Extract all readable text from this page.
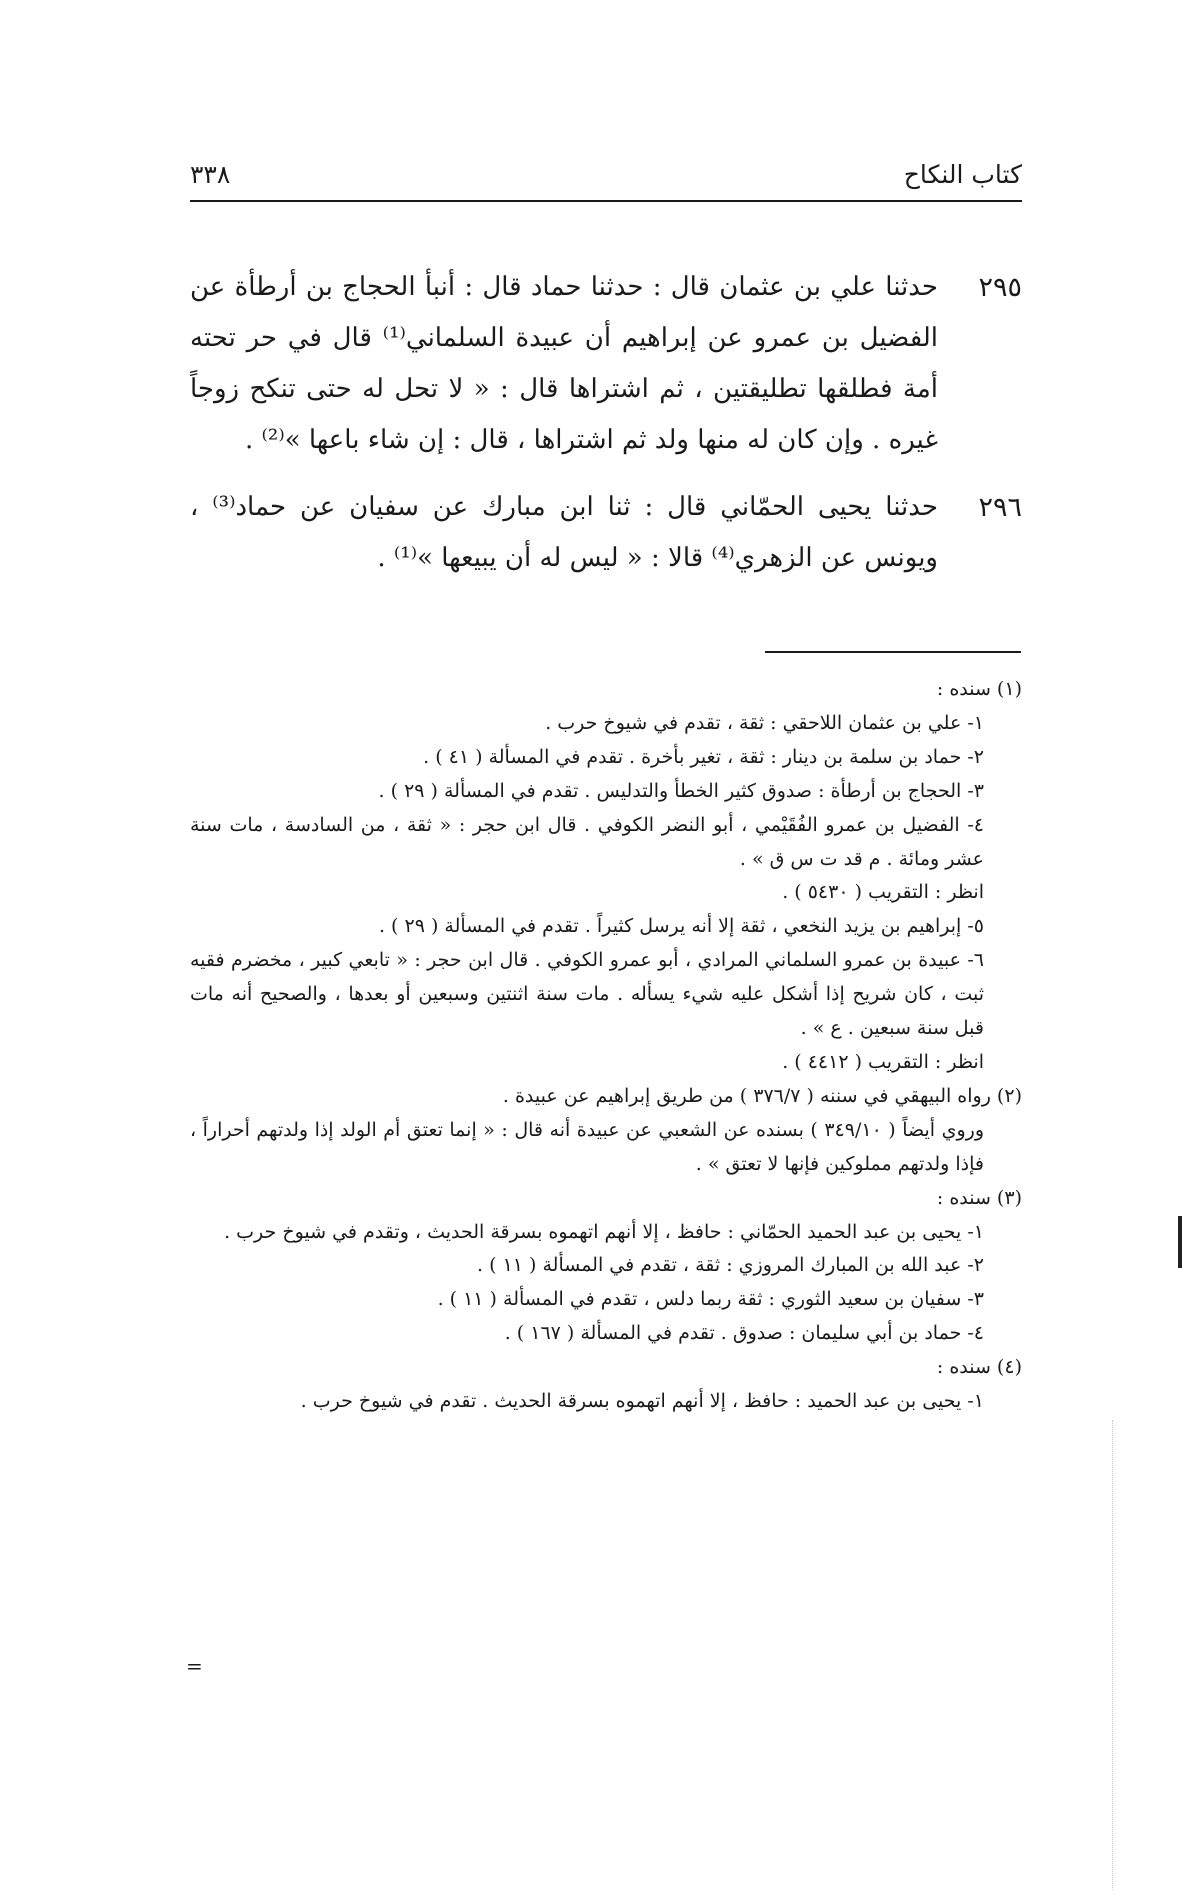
كتاب النكاح
٣٣٨
٢٩٥
حدثنا علي بن عثمان قال : حدثنا حماد قال : أنبأ الحجاج بن أرطأة عن الفضيل بن عمرو عن إبراهيم أن عبيدة السلماني⁽¹⁾ قال في حر تحته أمة فطلقها تطليقتين ، ثم اشتراها قال : « لا تحل له حتى تنكح زوجاً غيره . وإن كان له منها ولد ثم اشتراها ، قال : إن شاء باعها »⁽²⁾ .
٢٩٦
حدثنا يحيى الحمّاني قال : ثنا ابن مبارك عن سفيان عن حماد⁽³⁾ ، ويونس عن الزهري⁽⁴⁾ قالا : « ليس له أن يبيعها »⁽¹⁾ .

(١) سنده :

١- علي بن عثمان اللاحقي : ثقة ، تقدم في شيوخ حرب .

٢- حماد بن سلمة بن دينار : ثقة ، تغير بأخرة . تقدم في المسألة ( ٤١ ) .

٣- الحجاج بن أرطأة : صدوق كثير الخطأ والتدليس . تقدم في المسألة ( ٢٩ ) .

٤- الفضيل بن عمرو الفُقَيْمي ، أبو النضر الكوفي . قال ابن حجر : « ثقة ، من السادسة ، مات سنة عشر ومائة . م قد ت س ق » .

انظر : التقريب ( ٥٤٣٠ ) .

٥- إبراهيم بن يزيد النخعي ، ثقة إلا أنه يرسل كثيراً . تقدم في المسألة ( ٢٩ ) .

٦- عبيدة بن عمرو السلماني المرادي ، أبو عمرو الكوفي . قال ابن حجر : « تابعي كبير ، مخضرم فقيه ثبت ، كان شريح إذا أشكل عليه شيء يسأله . مات سنة اثنتين وسبعين أو بعدها ، والصحيح أنه مات قبل سنة سبعين . ع » .

انظر : التقريب ( ٤٤١٢ ) .

(٢) رواه البيهقي في سننه ( ٣٧٦/٧ ) من طريق إبراهيم عن عبيدة .

وروي أيضاً ( ٣٤٩/١٠ ) بسنده عن الشعبي عن عبيدة أنه قال : « إنما تعتق أم الولد إذا ولدتهم أحراراً ، فإذا ولدتهم مملوكين فإنها لا تعتق » .

(٣) سنده :

١- يحيى بن عبد الحميد الحمّاني : حافظ ، إلا أنهم اتهموه بسرقة الحديث ، وتقدم في شيوخ حرب .

٢- عبد الله بن المبارك المروزي : ثقة ، تقدم في المسألة ( ١١ ) .

٣- سفيان بن سعيد الثوري : ثقة ربما دلس ، تقدم في المسألة ( ١١ ) .

٤- حماد بن أبي سليمان : صدوق . تقدم في المسألة ( ١٦٧ ) .

(٤) سنده :

١- يحيى بن عبد الحميد : حافظ ، إلا أنهم اتهموه بسرقة الحديث . تقدم في شيوخ حرب .

=
